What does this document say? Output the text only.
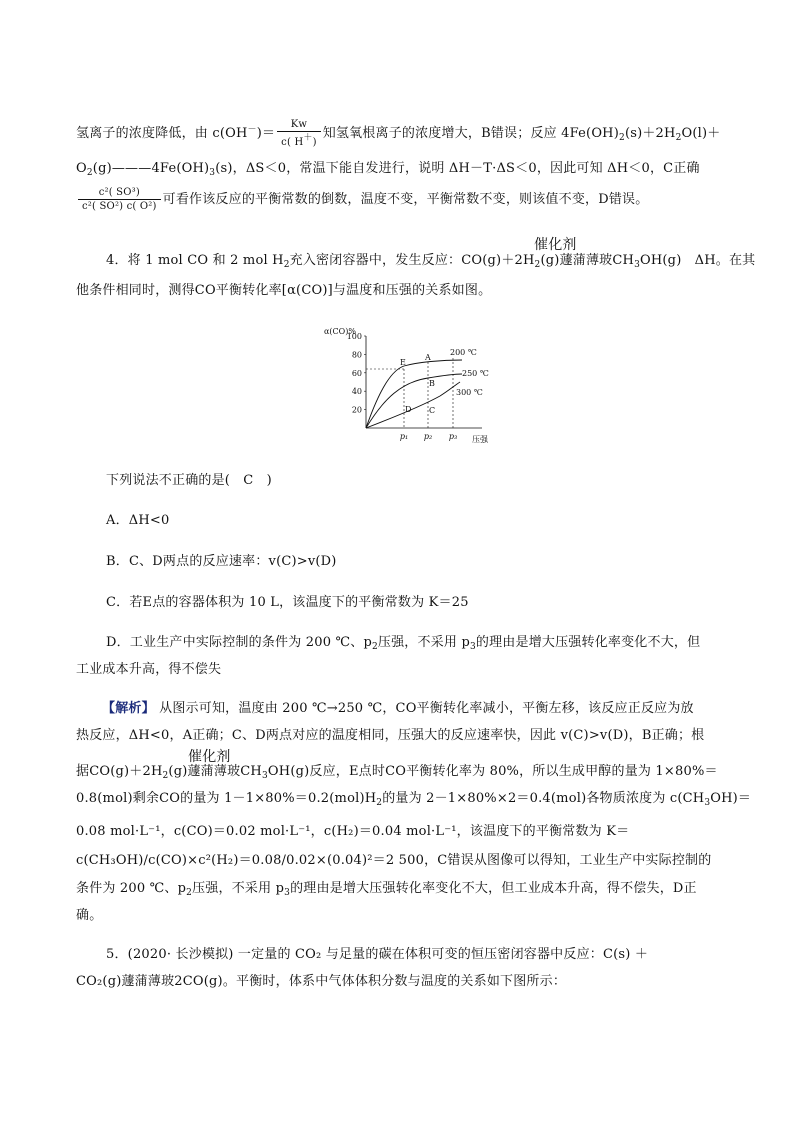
氢离子的浓度降低，由 $c(OH^-)= \frac{Kw}{c( H+)}$ 知氢氧根离子的浓度增大，B错误；反应 $4Fe(OH)_2(s)+2H_2O(l)+$
$O_2(g)———4Fe(OH)_3(s)$，ΔS＜0，常温下能自发进行，说明 ΔH－T·ΔS＜0，因此可知 ΔH＜0，C正确
$\frac{\text{c²( SO³)}}{\text{c²( SO²) c( O²)}}$ 可看作该反应的平衡常数的倒数，温度不变，平衡常数不变，则该值不变，D错误。
催化剂
4．将 1 mol CO 和 2 mol $H_2$充入密闭容器中，发生反应：$CO(g)+2H_2(g)$蘧蒲薄玻$CH_3OH(g)$　ΔH。在其
他条件相同时，测得CO平衡转化率[α(CO)]与温度和压强的关系如图。
α(CO)%
20
40
60
80
100
p₁ p₂ p₃
200 ℃
250 ℃
300 ℃
E
A
B
C
D
压强
下列说法不正确的是(　C　)
A．ΔH<0
B．C、D两点的反应速率：v(C)>v(D)
C．若E点的容器体积为 10 L，该温度下的平衡常数为 K＝25
D．工业生产中实际控制的条件为 200 ℃、$p_2$压强，不采用 $p_3$的理由是增大压强转化率变化不大，但
工业成本升高，得不偿失
【解析】 从图示可知，温度由 200 ℃→250 ℃，CO平衡转化率减小，平衡左移，该反应正反应为放
热反应，ΔH<0，A正确；C、D两点对应的温度相同，压强大的反应速率快，因此 v(C)>v(D)，B正确；根
催化剂
据$CO(g)+2H_2(g)$蘧蒲薄玻$CH_3OH(g)$反应，E点时CO平衡转化率为 80%，所以生成甲醇的量为 1×80%＝
0.8(mol)剩余CO的量为 $1-1\times 80\%=0.2(mol)H_2$的量为 2－1×80%×2＝0.4(mol)各物质浓度为 $c(CH_3OH)=$
0.08 mol·L⁻¹，c(CO)＝0.02 mol·L⁻¹，c(H₂)＝0.04 mol·L⁻¹，该温度下的平衡常数为 K＝
c(CH₃OH)/c(CO)×c²(H₂)＝0.08/0.02×(0.04)²＝2 500，C错误从图像可以得知，工业生产中实际控制的
条件为 200 ℃、$p_2$压强，不采用 $p_3$的理由是增大压强转化率变化不大，但工业成本升高，得不偿失，D正
确。
5．(2020· 长沙模拟) 一定量的 CO₂ 与足量的碳在体积可变的恒压密闭容器中反应：C(s) ＋
CO₂(g)蘧蒲薄玻2CO(g)。平衡时，体系中气体体积分数与温度的关系如下图所示：
